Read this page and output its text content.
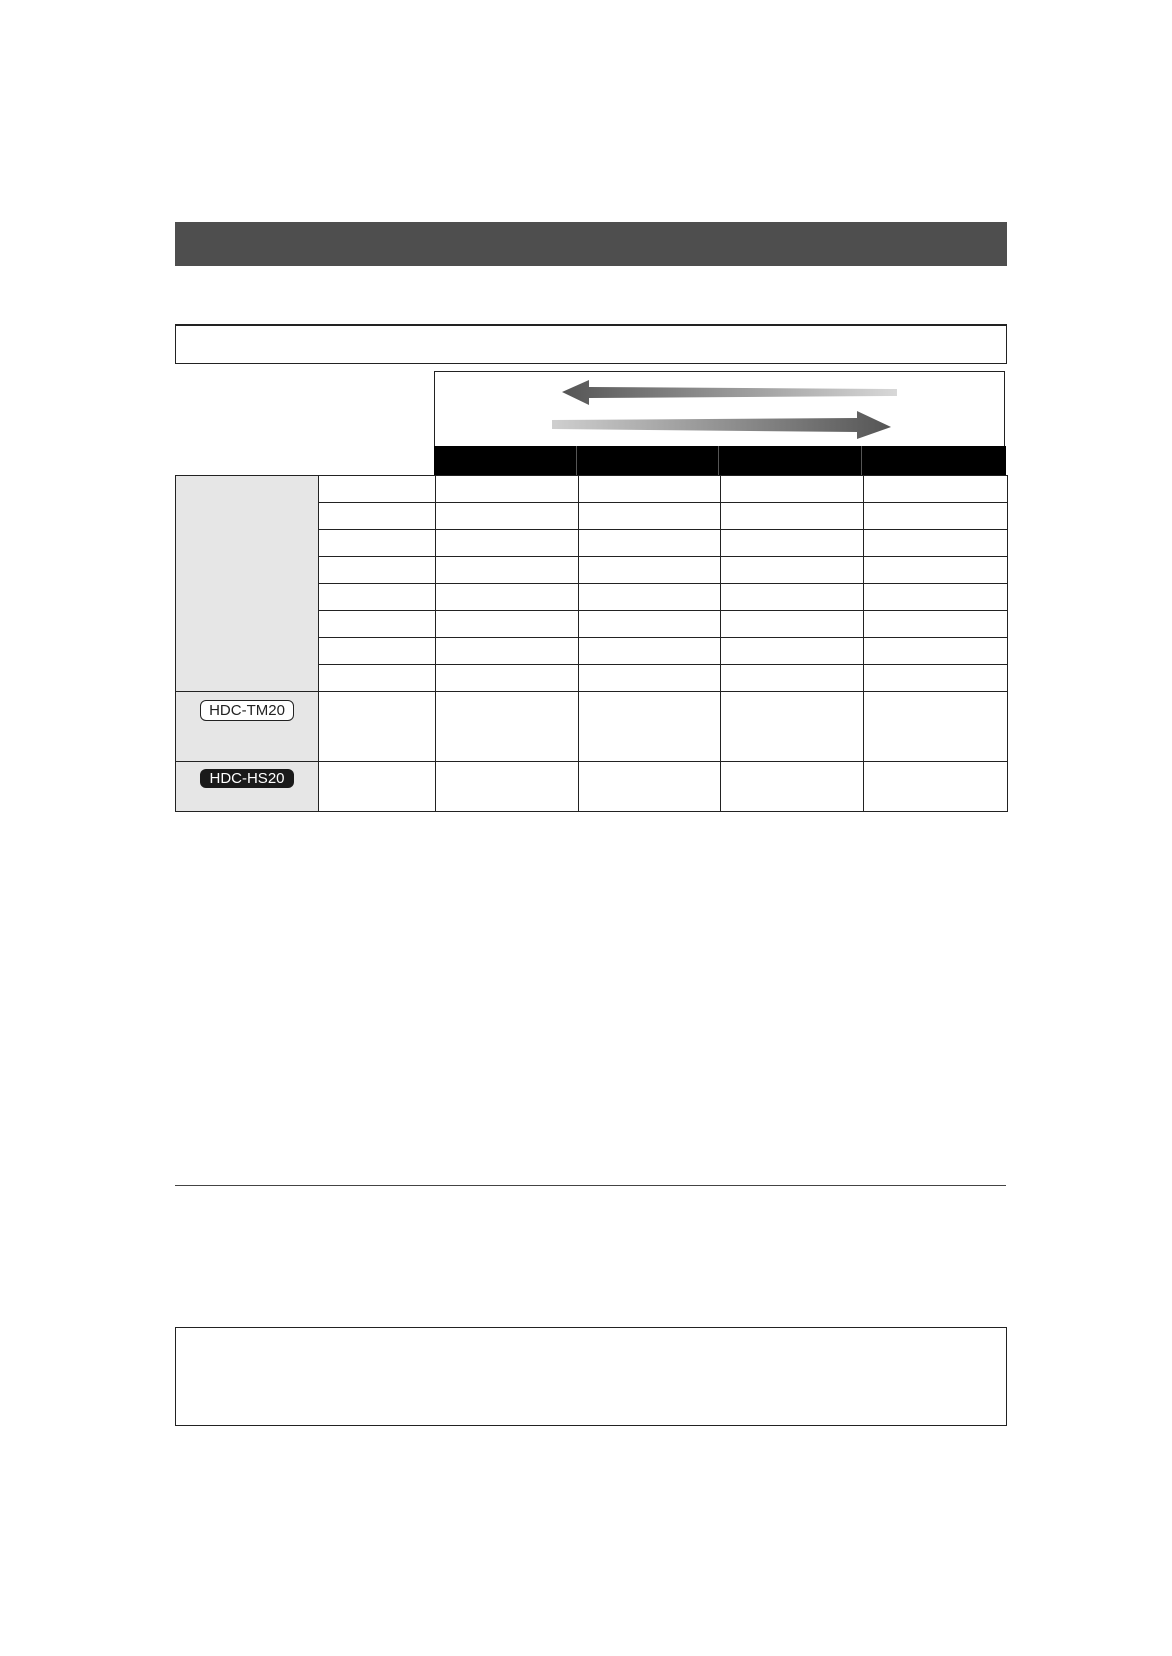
HDC-TM20					
HDC-HS20					
